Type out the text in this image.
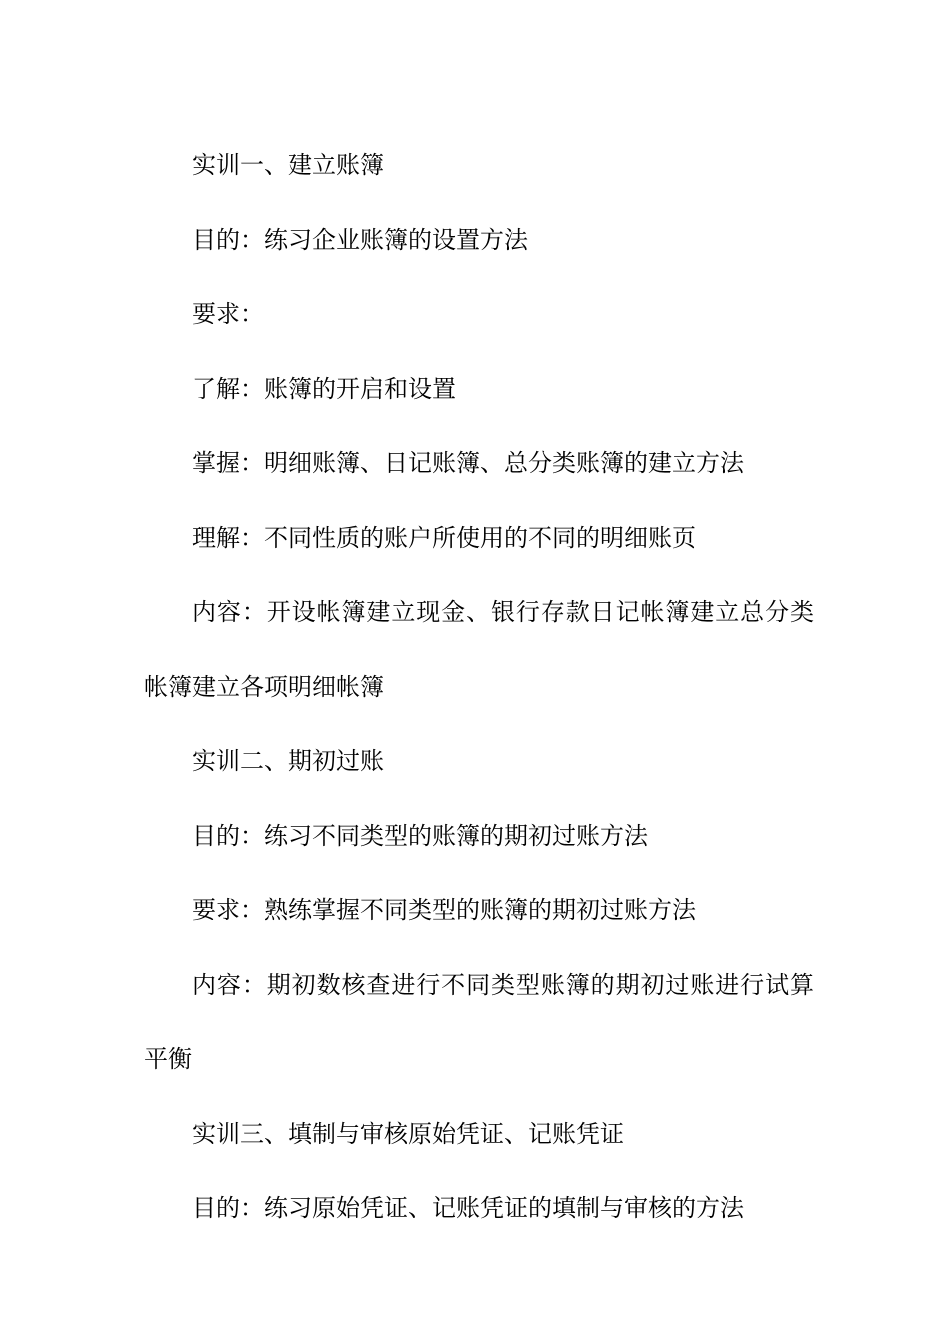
实训一、建立账簿

目的：练习企业账簿的设置方法

要求：

了解：账簿的开启和设置

掌握：明细账簿、日记账簿、总分类账簿的建立方法

理解：不同性质的账户所使用的不同的明细账页

内容：开设帐簿建立现金、银行存款日记帐簿建立总分类帐簿建立各项明细帐簿

实训二、期初过账

目的：练习不同类型的账簿的期初过账方法

要求：熟练掌握不同类型的账簿的期初过账方法

内容：期初数核查进行不同类型账簿的期初过账进行试算平衡

实训三、填制与审核原始凭证、记账凭证

目的：练习原始凭证、记账凭证的填制与审核的方法
